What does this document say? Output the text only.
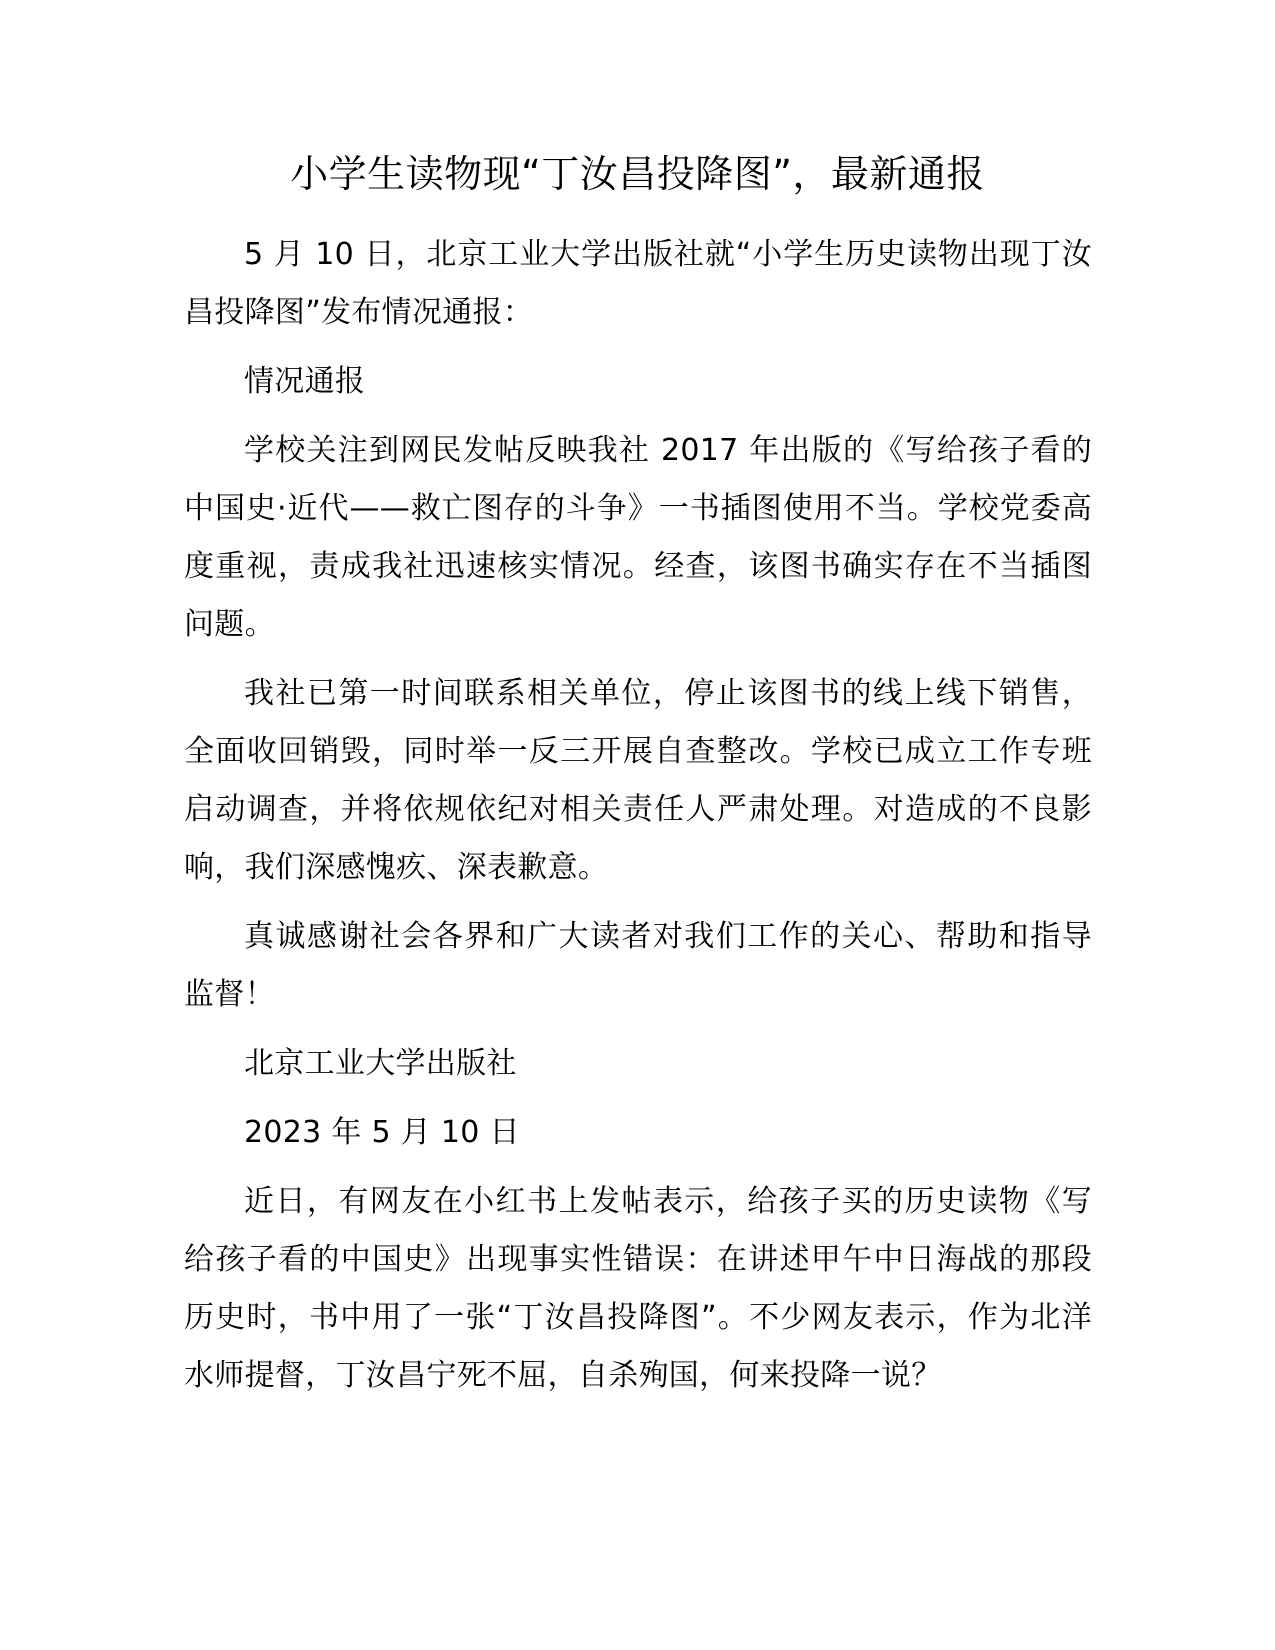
小学生读物现“丁汝昌投降图”，最新通报

5 月 10 日，北京工业大学出版社就“小学生历史读物出现丁汝昌投降图”发布情况通报：

情况通报

学校关注到网民发帖反映我社 2017 年出版的《写给孩子看的中国史·近代——救亡图存的斗争》一书插图使用不当。学校党委高度重视，责成我社迅速核实情况。经查，该图书确实存在不当插图问题。

我社已第一时间联系相关单位，停止该图书的线上线下销售，全面收回销毁，同时举一反三开展自查整改。学校已成立工作专班启动调查，并将依规依纪对相关责任人严肃处理。对造成的不良影响，我们深感愧疚、深表歉意。

真诚感谢社会各界和广大读者对我们工作的关心、帮助和指导监督！

北京工业大学出版社

2023 年 5 月 10 日

近日，有网友在小红书上发帖表示，给孩子买的历史读物《写给孩子看的中国史》出现事实性错误：在讲述甲午中日海战的那段历史时，书中用了一张“丁汝昌投降图”。不少网友表示，作为北洋水师提督，丁汝昌宁死不屈，自杀殉国，何来投降一说？
